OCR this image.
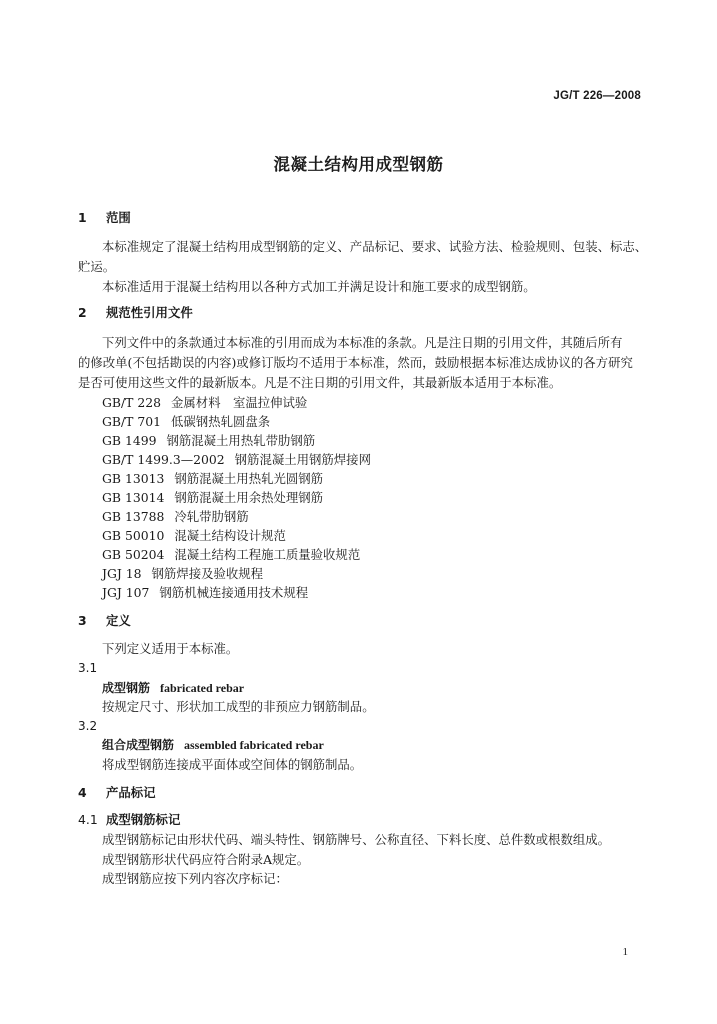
JG/T 226—2008
混凝土结构用成型钢筋
1 范围

本标准规定了混凝土结构用成型钢筋的定义、产品标记、要求、试验方法、检验规则、包装、标志、

贮运。

本标准适用于混凝土结构用以各种方式加工并满足设计和施工要求的成型钢筋。

2 规范性引用文件

下列文件中的条款通过本标准的引用而成为本标准的条款。凡是注日期的引用文件，其随后所有

的修改单(不包括勘误的内容)或修订版均不适用于本标准，然而，鼓励根据本标准达成协议的各方研究

是否可使用这些文件的最新版本。凡是不注日期的引用文件，其最新版本适用于本标准。

GB/T 228 金属材料　室温拉伸试验
GB/T 701 低碳钢热轧圆盘条
GB 1499 钢筋混凝土用热轧带肋钢筋
GB/T 1499.3—2002 钢筋混凝土用钢筋焊接网
GB 13013 钢筋混凝土用热轧光圆钢筋
GB 13014 钢筋混凝土用余热处理钢筋
GB 13788 冷轧带肋钢筋
GB 50010 混凝土结构设计规范
GB 50204 混凝土结构工程施工质量验收规范
JGJ 18 钢筋焊接及验收规程
JGJ 107 钢筋机械连接通用技术规程
3 定义

下列定义适用于本标准。

3.1
成型钢筋 fabricated rebar

按规定尺寸、形状加工成型的非预应力钢筋制品。

3.2
组合成型钢筋 assembled fabricated rebar

将成型钢筋连接成平面体或空间体的钢筋制品。

4 产品标记
4.1 成型钢筋标记

成型钢筋标记由形状代码、端头特性、钢筋牌号、公称直径、下料长度、总件数或根数组成。

成型钢筋形状代码应符合附录A规定。

成型钢筋应按下列内容次序标记：

1
